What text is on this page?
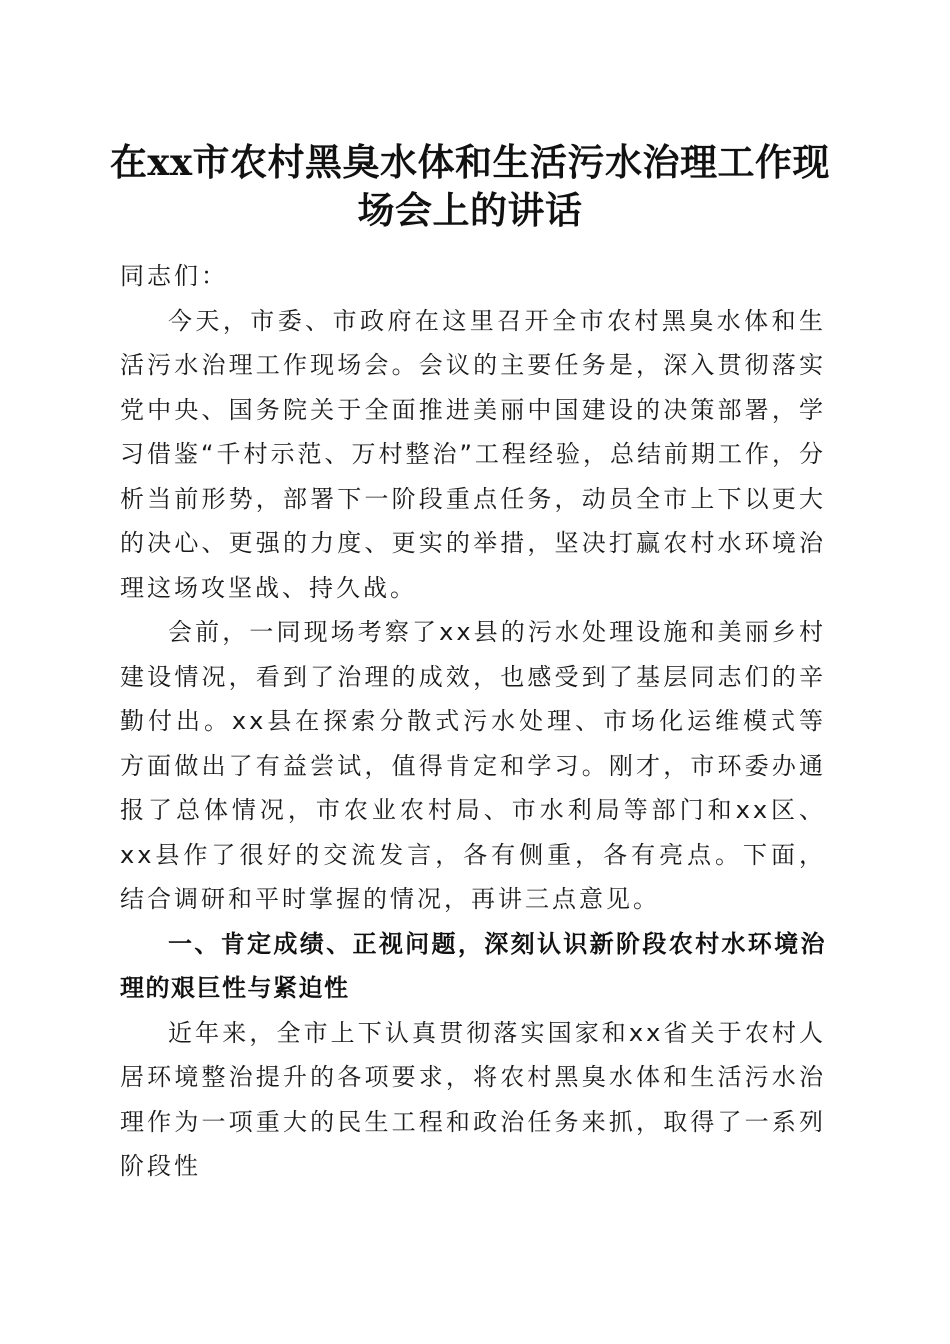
在xx市农村黑臭水体和生活污水治理工作现场会上的讲话

同志们：

今天，市委、市政府在这里召开全市农村黑臭水体和生活污水治理工作现场会。会议的主要任务是，深入贯彻落实党中央、国务院关于全面推进美丽中国建设的决策部署，学习借鉴“千村示范、万村整治”工程经验，总结前期工作，分析当前形势，部署下一阶段重点任务，动员全市上下以更大的决心、更强的力度、更实的举措，坚决打赢农村水环境治理这场攻坚战、持久战。

会前，一同现场考察了xx县的污水处理设施和美丽乡村建设情况，看到了治理的成效，也感受到了基层同志们的辛勤付出。xx县在探索分散式污水处理、市场化运维模式等方面做出了有益尝试，值得肯定和学习。刚才，市环委办通报了总体情况，市农业农村局、市水利局等部门和xx区、xx县作了很好的交流发言，各有侧重，各有亮点。下面，结合调研和平时掌握的情况，再讲三点意见。

一、肯定成绩、正视问题，深刻认识新阶段农村水环境治理的艰巨性与紧迫性

近年来，全市上下认真贯彻落实国家和xx省关于农村人居环境整治提升的各项要求，将农村黑臭水体和生活污水治理作为一项重大的民生工程和政治任务来抓，取得了一系列阶段性
